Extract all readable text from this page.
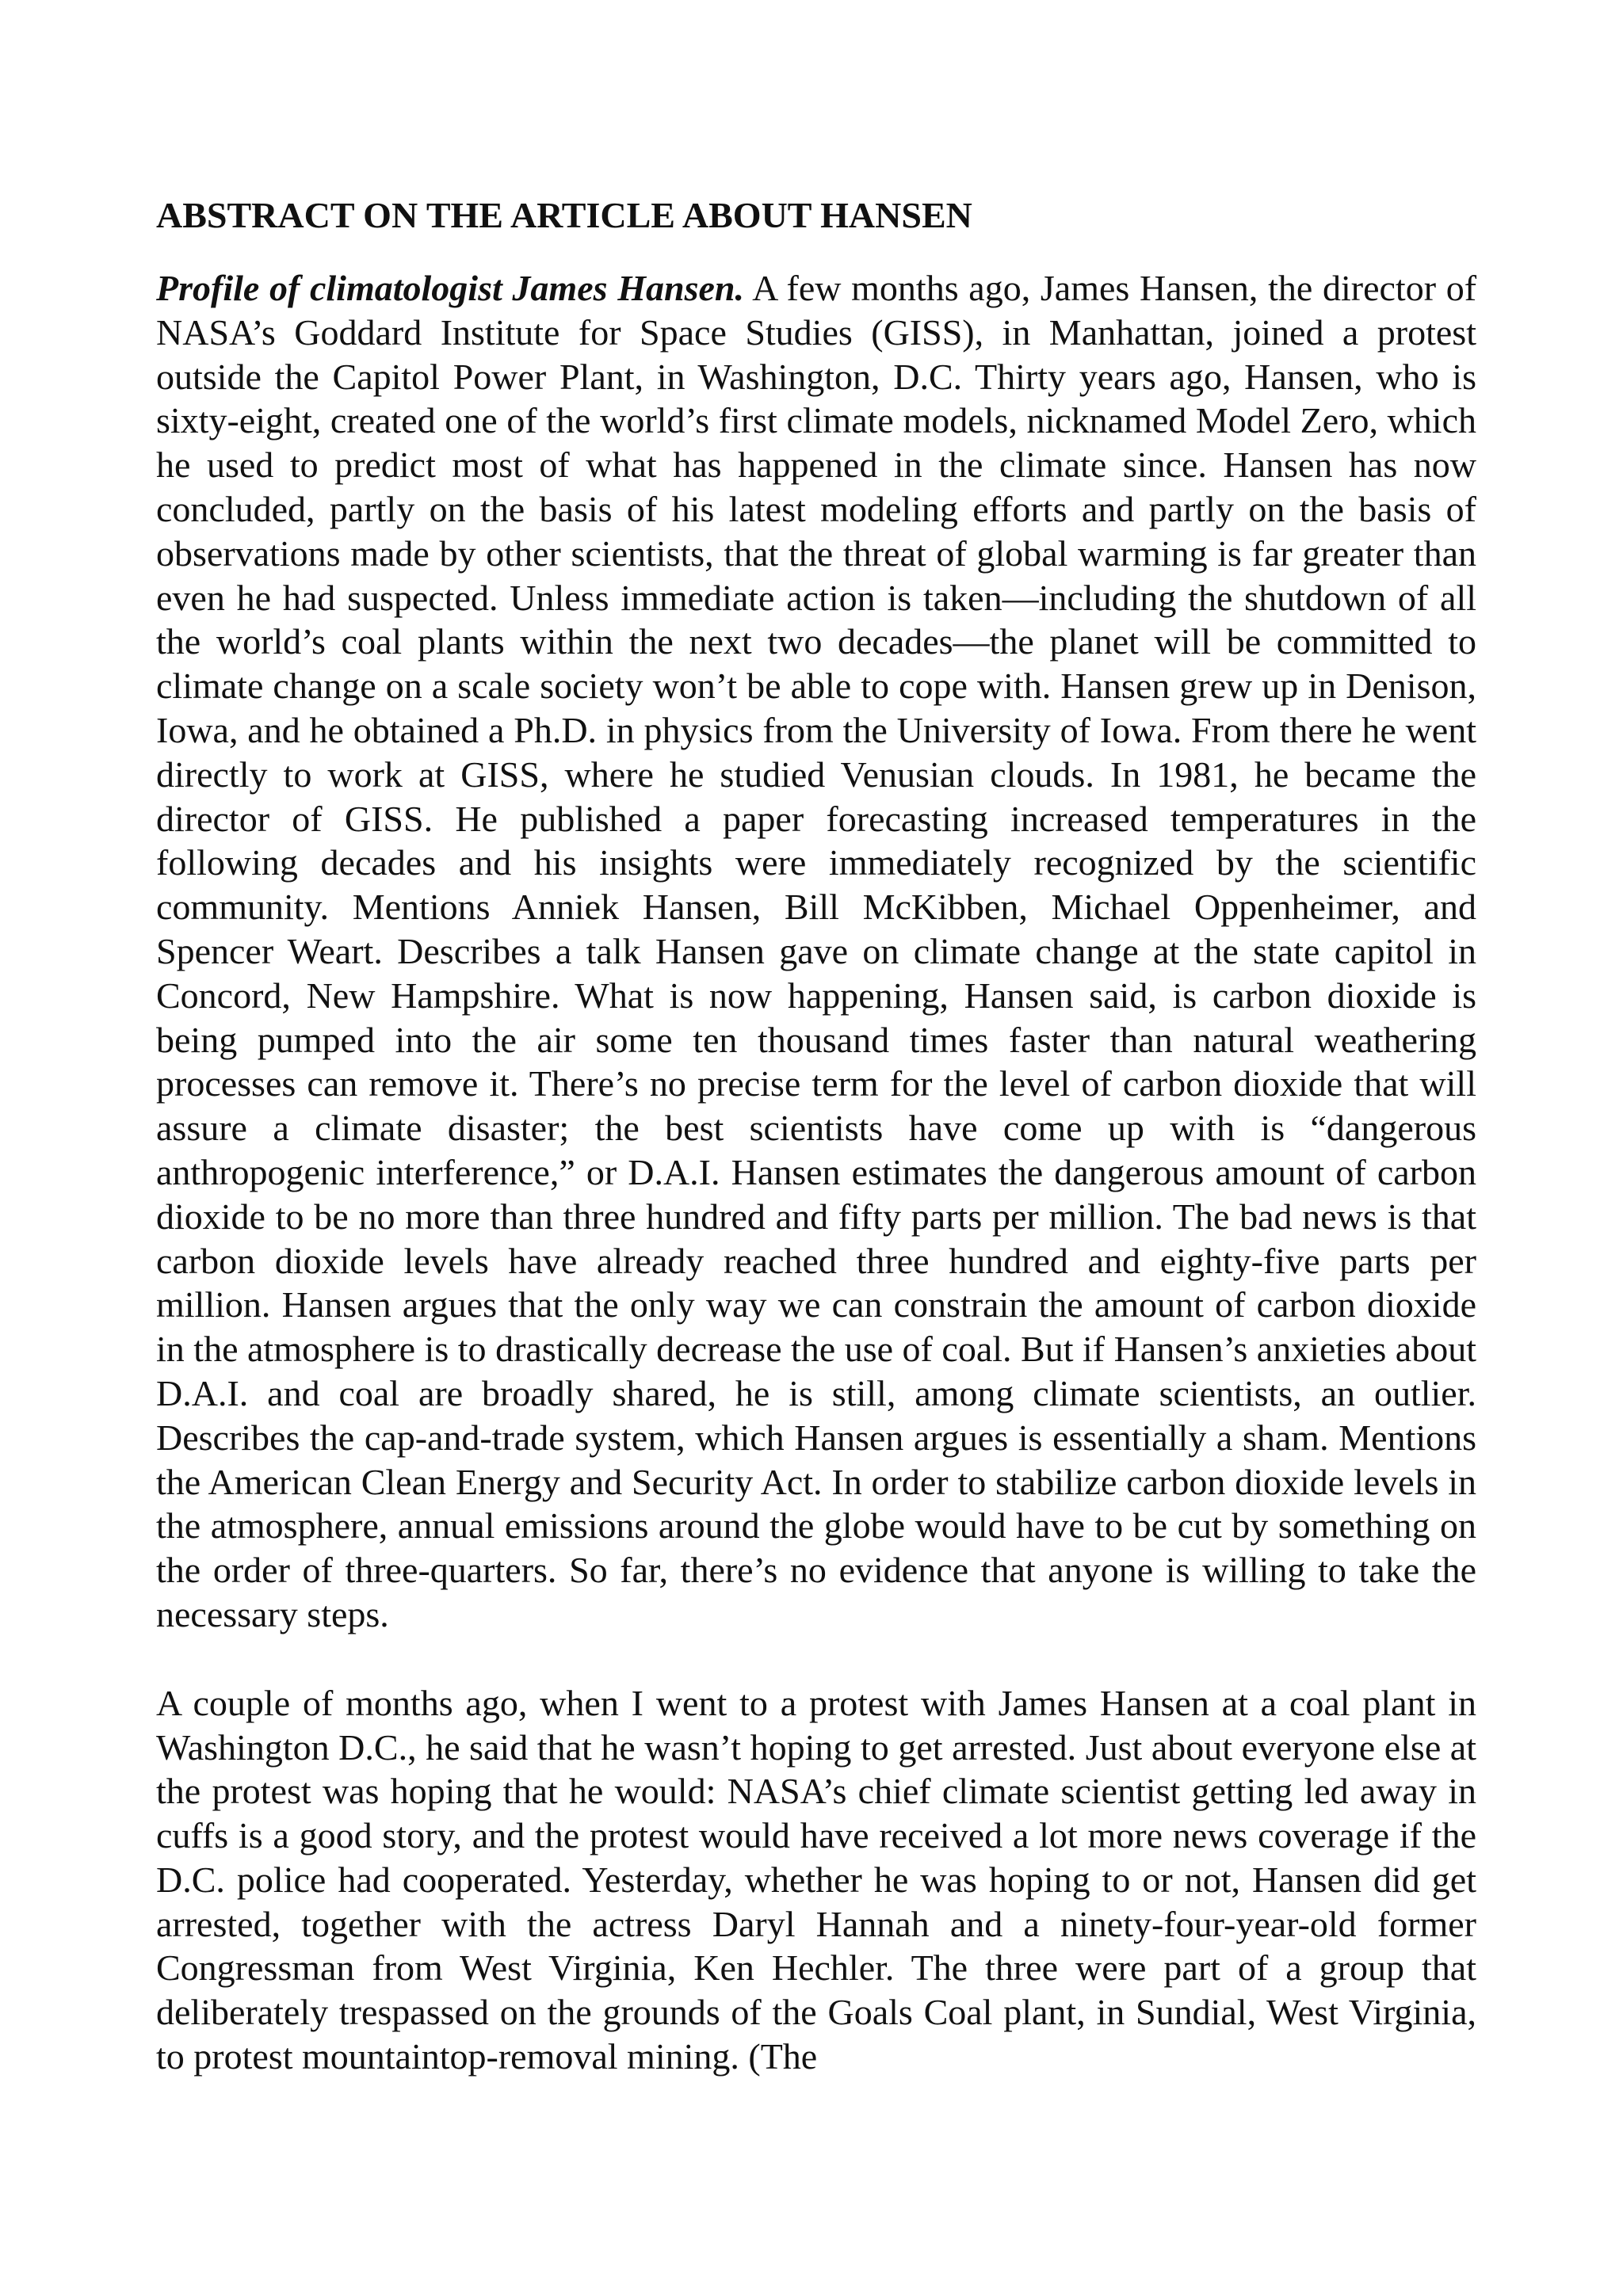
ABSTRACT ON THE ARTICLE ABOUT HANSEN

Profile of climatologist James Hansen. A few months ago, James Hansen, the director of NASA’s Goddard Institute for Space Studies (GISS), in Manhattan, joined a protest outside the Capitol Power Plant, in Washington, D.C. Thirty years ago, Hansen, who is sixty-eight, created one of the world’s first climate models, nicknamed Model Zero, which he used to predict most of what has happened in the climate since. Hansen has now concluded, partly on the basis of his latest modeling efforts and partly on the basis of observations made by other scientists, that the threat of global warming is far greater than even he had suspected. Unless immediate action is taken—including the shutdown of all the world’s coal plants within the next two decades—the planet will be committed to climate change on a scale society won’t be able to cope with. Hansen grew up in Denison, Iowa, and he obtained a Ph.D. in physics from the University of Iowa. From there he went directly to work at GISS, where he studied Venusian clouds. In 1981, he became the director of GISS. He published a paper forecasting increased temperatures in the following decades and his insights were immediately recognized by the scientific community. Mentions Anniek Hansen, Bill McKibben, Michael Oppenheimer, and Spencer Weart. Describes a talk Hansen gave on climate change at the state capitol in Concord, New Hampshire. What is now happening, Hansen said, is carbon dioxide is being pumped into the air some ten thousand times faster than natural weathering processes can remove it. There’s no precise term for the level of carbon dioxide that will assure a climate disaster; the best scientists have come up with is “dangerous anthropogenic interference,” or D.A.I. Hansen estimates the dangerous amount of carbon dioxide to be no more than three hundred and fifty parts per million. The bad news is that carbon dioxide levels have already reached three hundred and eighty-five parts per million. Hansen argues that the only way we can constrain the amount of carbon dioxide in the atmosphere is to drastically decrease the use of coal. But if Hansen’s anxieties about D.A.I. and coal are broadly shared, he is still, among climate scientists, an outlier. Describes the cap-and-trade system, which Hansen argues is essentially a sham. Mentions the American Clean Energy and Security Act. In order to stabilize carbon dioxide levels in the atmosphere, annual emissions around the globe would have to be cut by something on the order of three-quarters. So far, there’s no evidence that anyone is willing to take the necessary steps.

A couple of months ago, when I went to a protest with James Hansen at a coal plant in Washington D.C., he said that he wasn’t hoping to get arrested. Just about everyone else at the protest was hoping that he would: NASA’s chief climate scientist getting led away in cuffs is a good story, and the protest would have received a lot more news coverage if the D.C. police had cooperated. Yesterday, whether he was hoping to or not, Hansen did get arrested, together with the actress Daryl Hannah and a ninety-four-year-old former Congressman from West Virginia, Ken Hechler. The three were part of a group that deliberately trespassed on the grounds of the Goals Coal plant, in Sundial, West Virginia, to protest mountaintop-removal mining. (The
